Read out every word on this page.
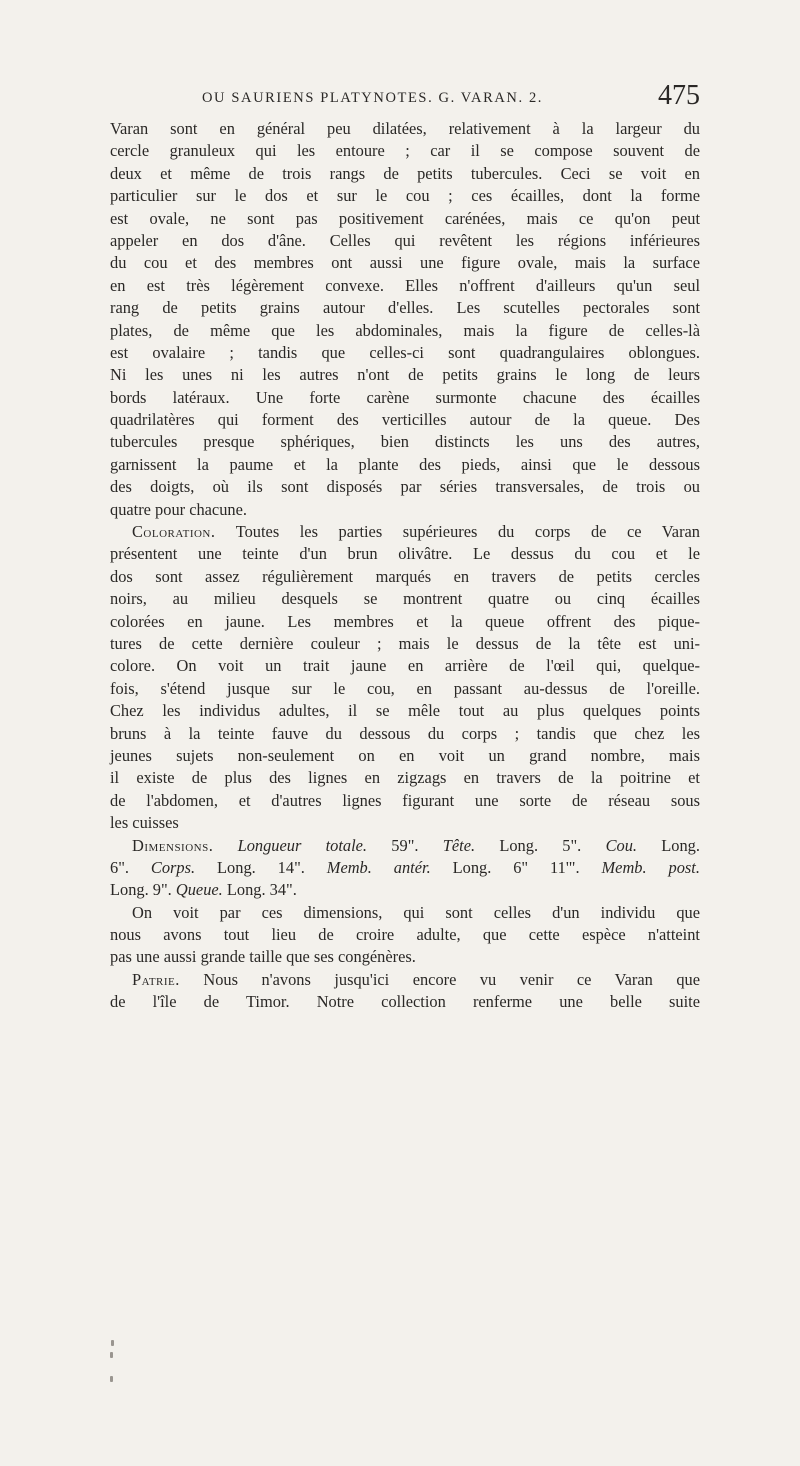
OU SAURIENS PLATYNOTES. G. VARAN. 2.	475
Varan sont en général peu dilatées, relativement à la largeur du
cercle granuleux qui les entoure ; car il se compose souvent de
deux et même de trois rangs de petits tubercules. Ceci se voit en
particulier sur le dos et sur le cou ; ces écailles, dont la forme
est ovale, ne sont pas positivement carénées, mais ce qu'on peut
appeler en dos d'âne. Celles qui revêtent les régions inférieures
du cou et des membres ont aussi une figure ovale, mais la surface
en est très légèrement convexe. Elles n'offrent d'ailleurs qu'un seul
rang de petits grains autour d'elles. Les scutelles pectorales sont
plates, de même que les abdominales, mais la figure de celles-là
est ovalaire ; tandis que celles-ci sont quadrangulaires oblongues.
Ni les unes ni les autres n'ont de petits grains le long de leurs
bords latéraux. Une forte carène surmonte chacune des écailles
quadrilatères qui forment des verticilles autour de la queue. Des
tubercules presque sphériques, bien distincts les uns des autres,
garnissent la paume et la plante des pieds, ainsi que le dessous
des doigts, où ils sont disposés par séries transversales, de trois ou
quatre pour chacune.
Coloration. Toutes les parties supérieures du corps de ce Varan
présentent une teinte d'un brun olivâtre. Le dessus du cou et le
dos sont assez régulièrement marqués en travers de petits cercles
noirs, au milieu desquels se montrent quatre ou cinq écailles
colorées en jaune. Les membres et la queue offrent des pique-
tures de cette dernière couleur ; mais le dessus de la tête est uni-
colore. On voit un trait jaune en arrière de l'œil qui, quelque-
fois, s'étend jusque sur le cou, en passant au-dessus de l'oreille.
Chez les individus adultes, il se mêle tout au plus quelques points
bruns à la teinte fauve du dessous du corps ; tandis que chez les
jeunes sujets non-seulement on en voit un grand nombre, mais
il existe de plus des lignes en zigzags en travers de la poitrine et
de l'abdomen, et d'autres lignes figurant une sorte de réseau sous
les cuisses
Dimensions. Longueur totale. 59". Tête. Long. 5". Cou. Long.
6". Corps. Long. 14". Memb. antér. Long. 6" 11'". Memb. post.
Long. 9". Queue. Long. 34".
On voit par ces dimensions, qui sont celles d'un individu que
nous avons tout lieu de croire adulte, que cette espèce n'atteint
pas une aussi grande taille que ses congénères.
Patrie. Nous n'avons jusqu'ici encore vu venir ce Varan que
de l'île de Timor. Notre collection renferme une belle suite
